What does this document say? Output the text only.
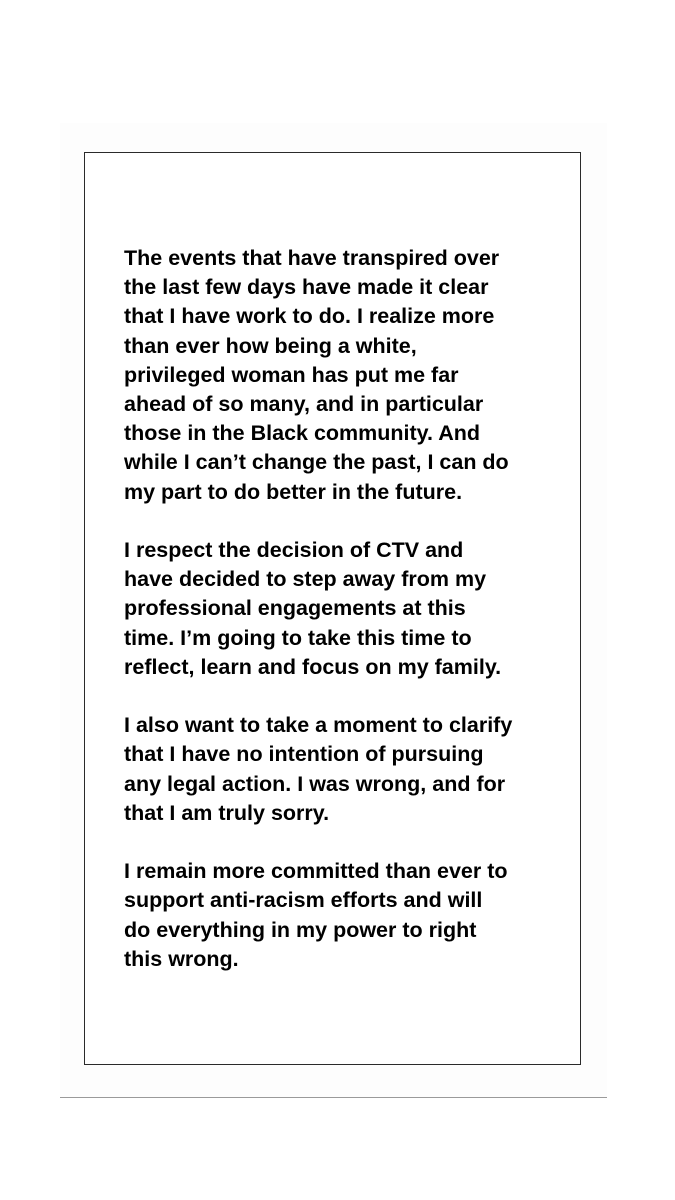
The events that have transpired over
the last few days have made it clear
that I have work to do. I realize more
than ever how being a white,
privileged woman has put me far
ahead of so many, and in particular
those in the Black community. And
while I can’t change the past, I can do
my part to do better in the future.

I respect the decision of CTV and
have decided to step away from my
professional engagements at this
time. I’m going to take this time to
reflect, learn and focus on my family.

I also want to take a moment to clarify
that I have no intention of pursuing
any legal action. I was wrong, and for
that I am truly sorry.

I remain more committed than ever to
support anti-racism efforts and will
do everything in my power to right
this wrong.
